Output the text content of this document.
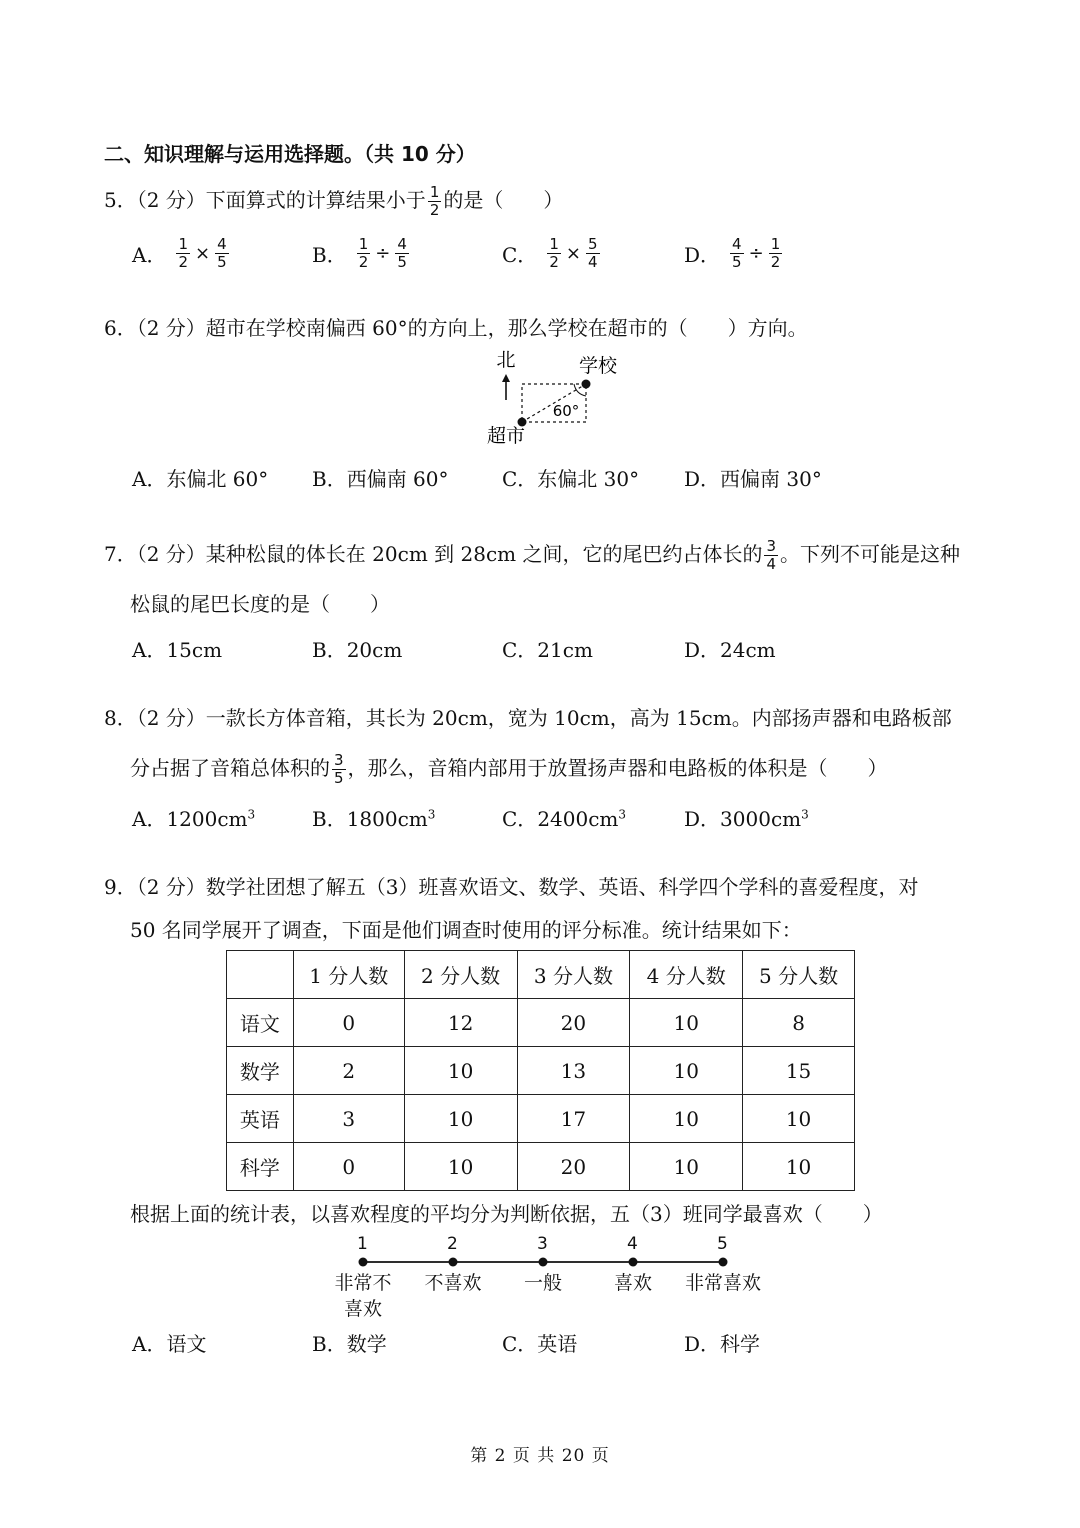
二、知识理解与运用选择题。（共 10 分）
5．（2 分）下面算式的计算结果小于 $\frac{1}{2}$ 的是（　　）
A． $\frac{1}{2} \times \frac{4}{5}$	B． $\frac{1}{2} \div \frac{4}{5}$	C． $\frac{1}{2} \times \frac{5}{4}$	D． $\frac{4}{5} \div \frac{1}{2}$
6．（2 分）超市在学校南偏西 60°的方向上，那么学校在超市的（　　）方向。
北	学校
60°
超市
A．东偏北 60° B．西偏南 60°	C．东偏北 30° D．西偏南 30°
7．（2 分）某种松鼠的体长在 20cm 到 28cm 之间，它的尾巴约占体长的 $\frac{3}{4}$ 。下列不可能是这种
松鼠的尾巴长度的是（　　）
A．15cm	B．20cm	C．21cm	D．24cm
8．（2 分）一款长方体音箱，其长为 20cm，宽为 10cm，高为 15cm。内部扬声器和电路板部
分占据了音箱总体积的 $\frac{3}{5}$ ，那么，音箱内部用于放置扬声器和电路板的体积是（　　）
A．$1200cm^3$	B．$1800cm^3$	C．$2400cm^3$	D．$3000cm^3$
9．（2 分）数学社团想了解五（3）班喜欢语文、数学、英语、科学四个学科的喜爱程度，对
50 名同学展开了调查，下面是他们调查时使用的评分标准。统计结果如下：
	1 分人数	2 分人数	3 分人数	4 分人数	5 分人数
语文	0	12	20	10	8
数学	2	10	13	10	15
英语	3	10	17	10	10
科学	0	10	20	10	10
根据上面的统计表，以喜欢程度的平均分为判断依据，五（3）班同学最喜欢（　　）
1
非常不
喜欢
2
不喜欢
3
一般
4
喜欢
5
非常喜欢
A．语文	B．数学	C．英语	D．科学
第 2 页 共 20 页
